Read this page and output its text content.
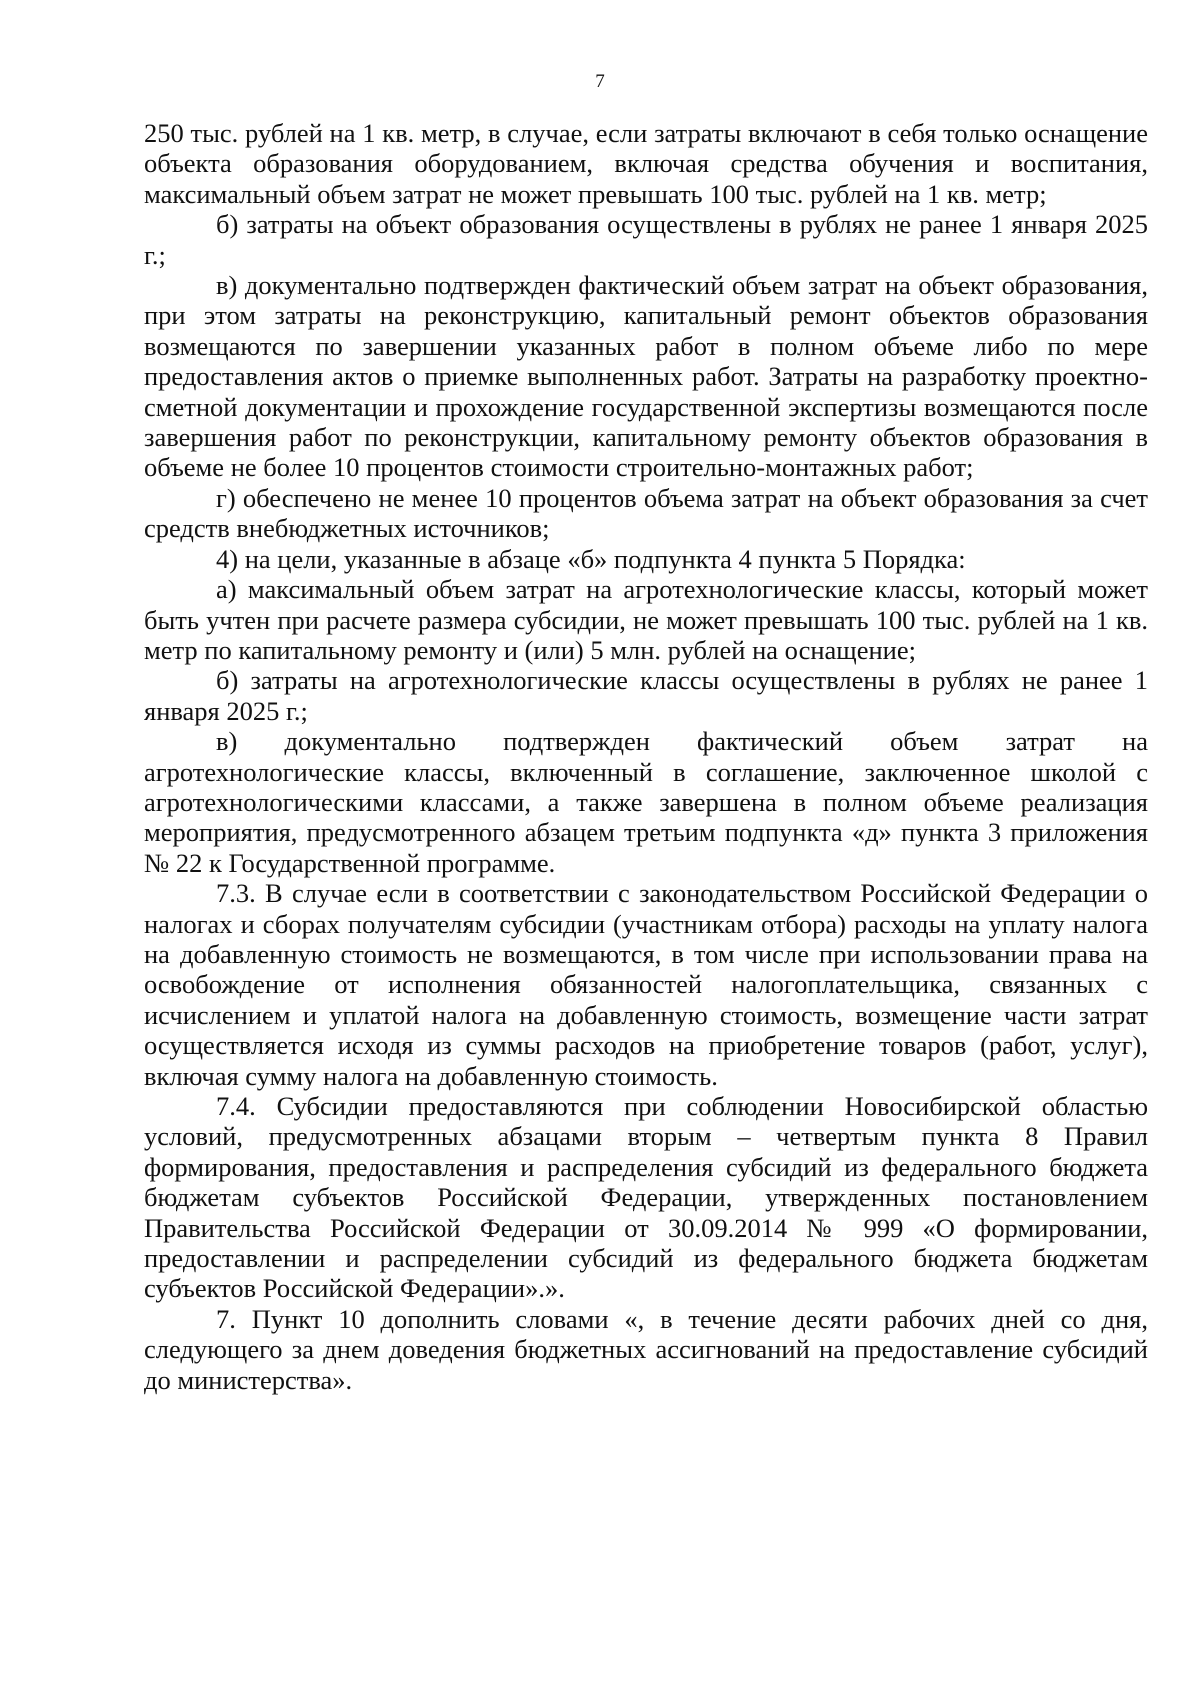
7

250 тыс. рублей на 1 кв. метр, в случае, если затраты включают в себя только оснащение объекта образования оборудованием, включая средства обучения и воспитания, максимальный объем затрат не может превышать 100 тыс. рублей на 1 кв. метр;

б) затраты на объект образования осуществлены в рублях не ранее 1 января 2025 г.;

в) документально подтвержден фактический объем затрат на объект образования, при этом затраты на реконструкцию, капитальный ремонт объектов образования возмещаются по завершении указанных работ в полном объеме либо по мере предоставления актов о приемке выполненных работ. Затраты на разработку проектно-сметной документации и прохождение государственной экспертизы возмещаются после завершения работ по реконструкции, капитальному ремонту объектов образования в объеме не более 10 процентов стоимости строительно-монтажных работ;

г) обеспечено не менее 10 процентов объема затрат на объект образования за счет средств внебюджетных источников;

4) на цели, указанные в абзаце «б» подпункта 4 пункта 5 Порядка:

а) максимальный объем затрат на агротехнологические классы, который может быть учтен при расчете размера субсидии, не может превышать 100 тыс. рублей на 1 кв. метр по капитальному ремонту и (или) 5 млн. рублей на оснащение;

б) затраты на агротехнологические классы осуществлены в рублях не ранее 1 января 2025 г.;

в) документально подтвержден фактический объем затрат на агротехнологические классы, включенный в соглашение, заключенное школой с агротехнологическими классами, а также завершена в полном объеме реализация мероприятия, предусмотренного абзацем третьим подпункта «д» пункта 3 приложения № 22 к Государственной программе.

7.3. В случае если в соответствии с законодательством Российской Федерации о налогах и сборах получателям субсидии (участникам отбора) расходы на уплату налога на добавленную стоимость не возмещаются, в том числе при использовании права на освобождение от исполнения обязанностей налогоплательщика, связанных с исчислением и уплатой налога на добавленную стоимость, возмещение части затрат осуществляется исходя из суммы расходов на приобретение товаров (работ, услуг), включая сумму налога на добавленную стоимость.

7.4. Субсидии предоставляются при соблюдении Новосибирской областью условий, предусмотренных абзацами вторым – четвертым пункта 8 Правил формирования, предоставления и распределения субсидий из федерального бюджета бюджетам субъектов Российской Федерации, утвержденных постановлением Правительства Российской Федерации от 30.09.2014 № 999 «О формировании, предоставлении и распределении субсидий из федерального бюджета бюджетам субъектов Российской Федерации».».

7. Пункт 10 дополнить словами «, в течение десяти рабочих дней со дня, следующего за днем доведения бюджетных ассигнований на предоставление субсидий до министерства».
